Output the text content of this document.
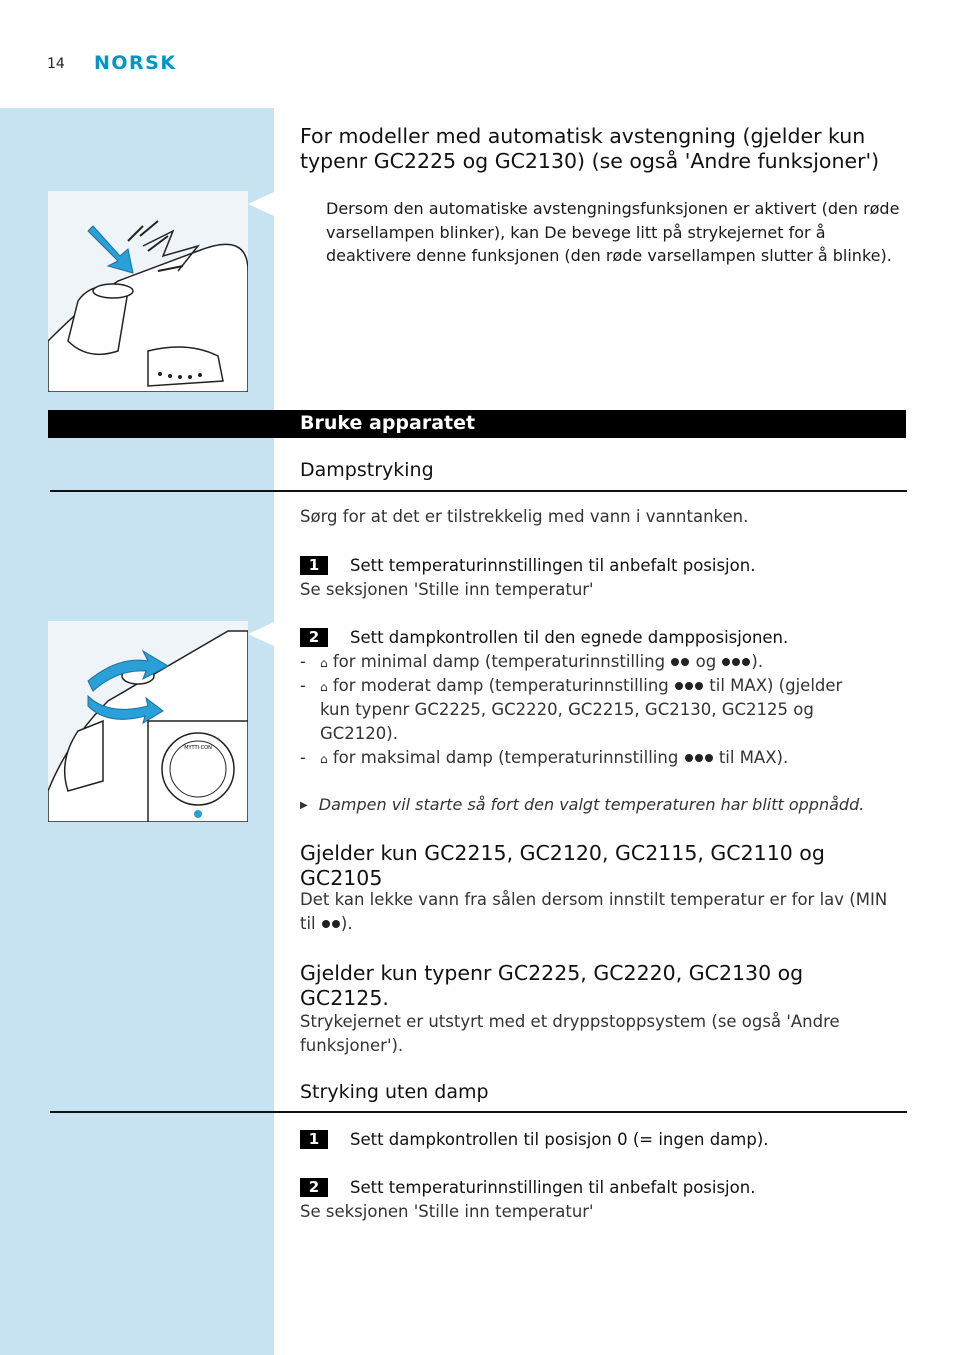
14 NORSK
For modeller med automatisk avstengning (gjelder kun typenr GC2225 og GC2130) (se også 'Andre funksjoner')
Dersom den automatiske avstengningsfunksjonen er aktivert (den røde varsellampen blinker), kan De bevege litt på strykejernet for å deaktivere denne funksjonen (den røde varsellampen slutter å blinke).
Bruke apparatet
Dampstryking
Sørg for at det er tilstrekkelig med vann i vanntanken.
1 Sett temperaturinnstillingen til anbefalt posisjon.
Se seksjonen 'Stille inn temperatur'
MYTTI·CON
2 Sett dampkontrollen til den egnede dampposisjonen.
- ⌂ for minimal damp (temperaturinnstilling og ).
- ⌂ for moderat damp (temperaturinnstilling til MAX) (gjelder
kun typenr GC2225, GC2220, GC2215, GC2130, GC2125 og
GC2120).
- ⌂ for maksimal damp (temperaturinnstilling til MAX).
▶ Dampen vil starte så fort den valgt temperaturen har blitt oppnådd.
Gjelder kun GC2215, GC2120, GC2115, GC2110 og GC2105
Det kan lekke vann fra sålen dersom innstilt temperatur er for lav (MIN
til ).
Gjelder kun typenr GC2225, GC2220, GC2130 og GC2125.
Strykejernet er utstyrt med et dryppstoppsystem (se også 'Andre funksjoner').
Stryking uten damp
1 Sett dampkontrollen til posisjon 0 (= ingen damp).
2 Sett temperaturinnstillingen til anbefalt posisjon.
Se seksjonen 'Stille inn temperatur'
